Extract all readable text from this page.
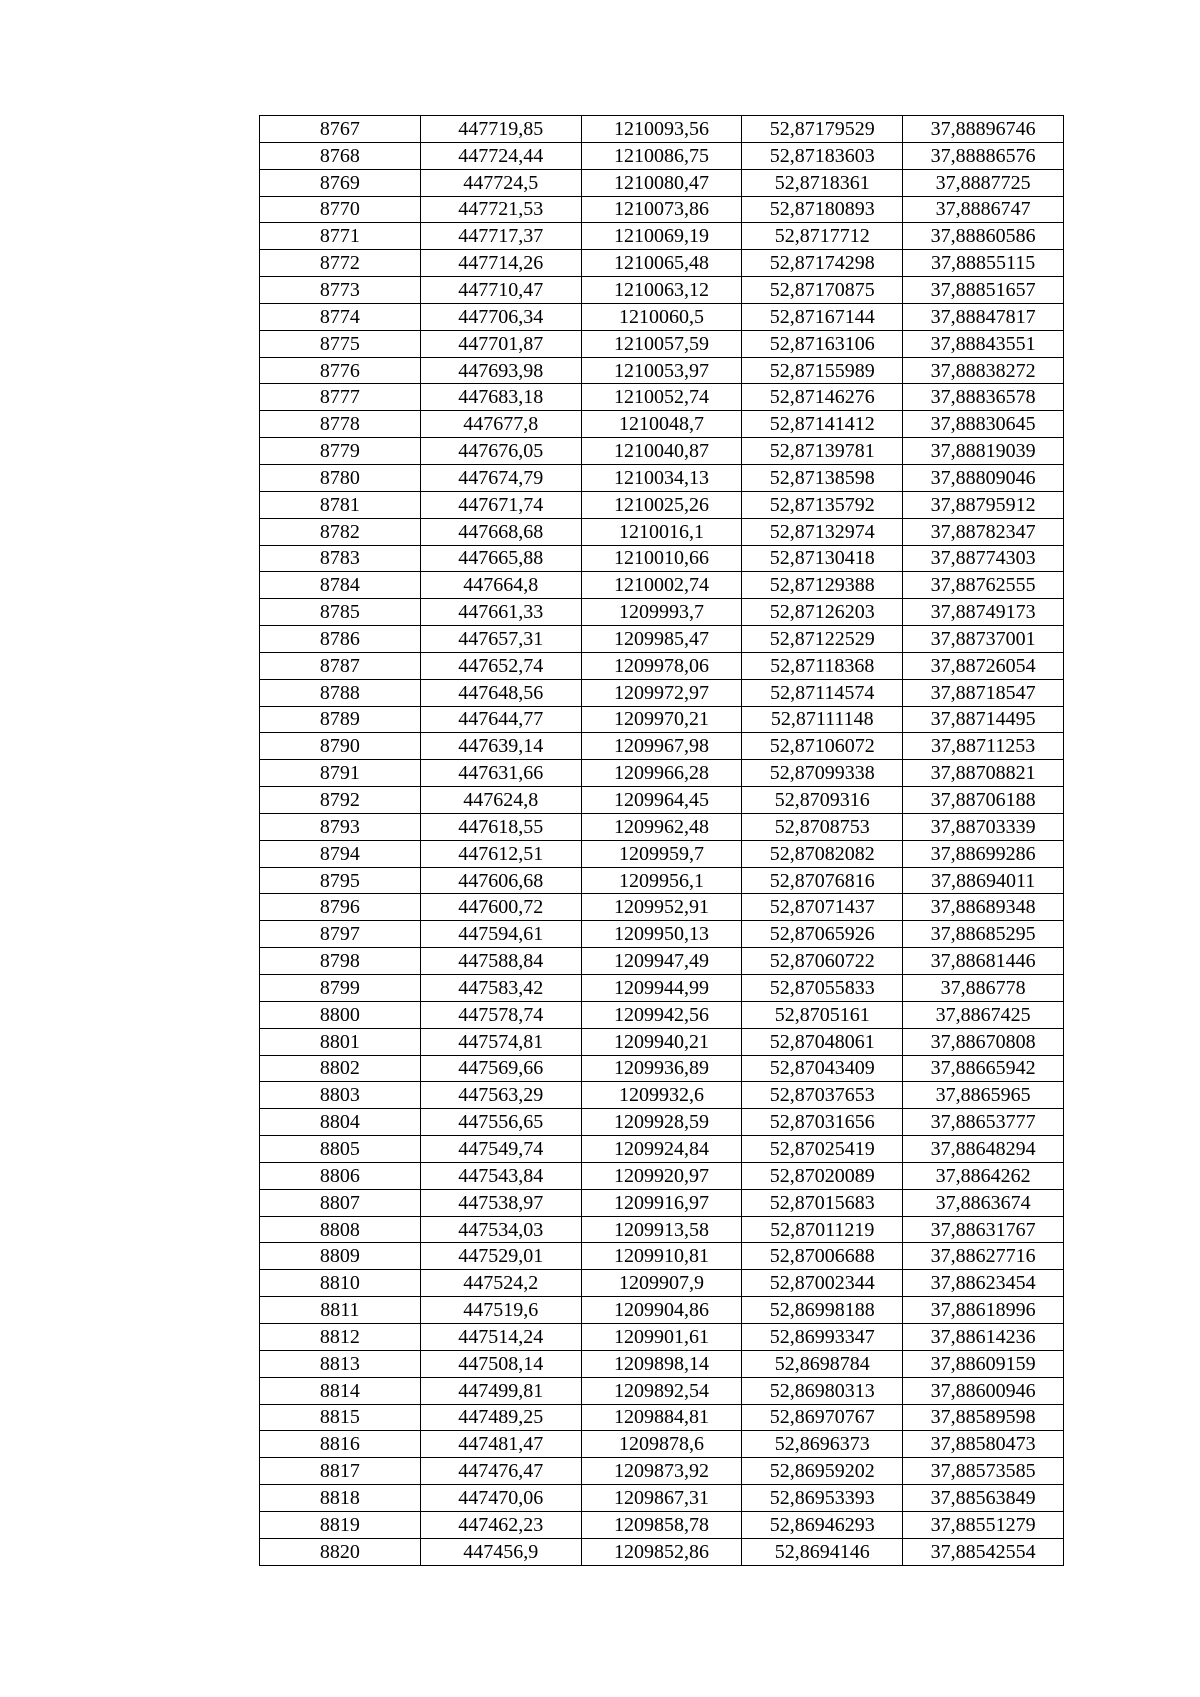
8767	447719,85	1210093,56	52,87179529	37,88896746
8768	447724,44	1210086,75	52,87183603	37,88886576
8769	447724,5	1210080,47	52,8718361	37,8887725
8770	447721,53	1210073,86	52,87180893	37,8886747
8771	447717,37	1210069,19	52,8717712	37,88860586
8772	447714,26	1210065,48	52,87174298	37,88855115
8773	447710,47	1210063,12	52,87170875	37,88851657
8774	447706,34	1210060,5	52,87167144	37,88847817
8775	447701,87	1210057,59	52,87163106	37,88843551
8776	447693,98	1210053,97	52,87155989	37,88838272
8777	447683,18	1210052,74	52,87146276	37,88836578
8778	447677,8	1210048,7	52,87141412	37,88830645
8779	447676,05	1210040,87	52,87139781	37,88819039
8780	447674,79	1210034,13	52,87138598	37,88809046
8781	447671,74	1210025,26	52,87135792	37,88795912
8782	447668,68	1210016,1	52,87132974	37,88782347
8783	447665,88	1210010,66	52,87130418	37,88774303
8784	447664,8	1210002,74	52,87129388	37,88762555
8785	447661,33	1209993,7	52,87126203	37,88749173
8786	447657,31	1209985,47	52,87122529	37,88737001
8787	447652,74	1209978,06	52,87118368	37,88726054
8788	447648,56	1209972,97	52,87114574	37,88718547
8789	447644,77	1209970,21	52,87111148	37,88714495
8790	447639,14	1209967,98	52,87106072	37,88711253
8791	447631,66	1209966,28	52,87099338	37,88708821
8792	447624,8	1209964,45	52,8709316	37,88706188
8793	447618,55	1209962,48	52,8708753	37,88703339
8794	447612,51	1209959,7	52,87082082	37,88699286
8795	447606,68	1209956,1	52,87076816	37,88694011
8796	447600,72	1209952,91	52,87071437	37,88689348
8797	447594,61	1209950,13	52,87065926	37,88685295
8798	447588,84	1209947,49	52,87060722	37,88681446
8799	447583,42	1209944,99	52,87055833	37,886778
8800	447578,74	1209942,56	52,8705161	37,8867425
8801	447574,81	1209940,21	52,87048061	37,88670808
8802	447569,66	1209936,89	52,87043409	37,88665942
8803	447563,29	1209932,6	52,87037653	37,8865965
8804	447556,65	1209928,59	52,87031656	37,88653777
8805	447549,74	1209924,84	52,87025419	37,88648294
8806	447543,84	1209920,97	52,87020089	37,8864262
8807	447538,97	1209916,97	52,87015683	37,8863674
8808	447534,03	1209913,58	52,87011219	37,88631767
8809	447529,01	1209910,81	52,87006688	37,88627716
8810	447524,2	1209907,9	52,87002344	37,88623454
8811	447519,6	1209904,86	52,86998188	37,88618996
8812	447514,24	1209901,61	52,86993347	37,88614236
8813	447508,14	1209898,14	52,8698784	37,88609159
8814	447499,81	1209892,54	52,86980313	37,88600946
8815	447489,25	1209884,81	52,86970767	37,88589598
8816	447481,47	1209878,6	52,8696373	37,88580473
8817	447476,47	1209873,92	52,86959202	37,88573585
8818	447470,06	1209867,31	52,86953393	37,88563849
8819	447462,23	1209858,78	52,86946293	37,88551279
8820	447456,9	1209852,86	52,8694146	37,88542554
